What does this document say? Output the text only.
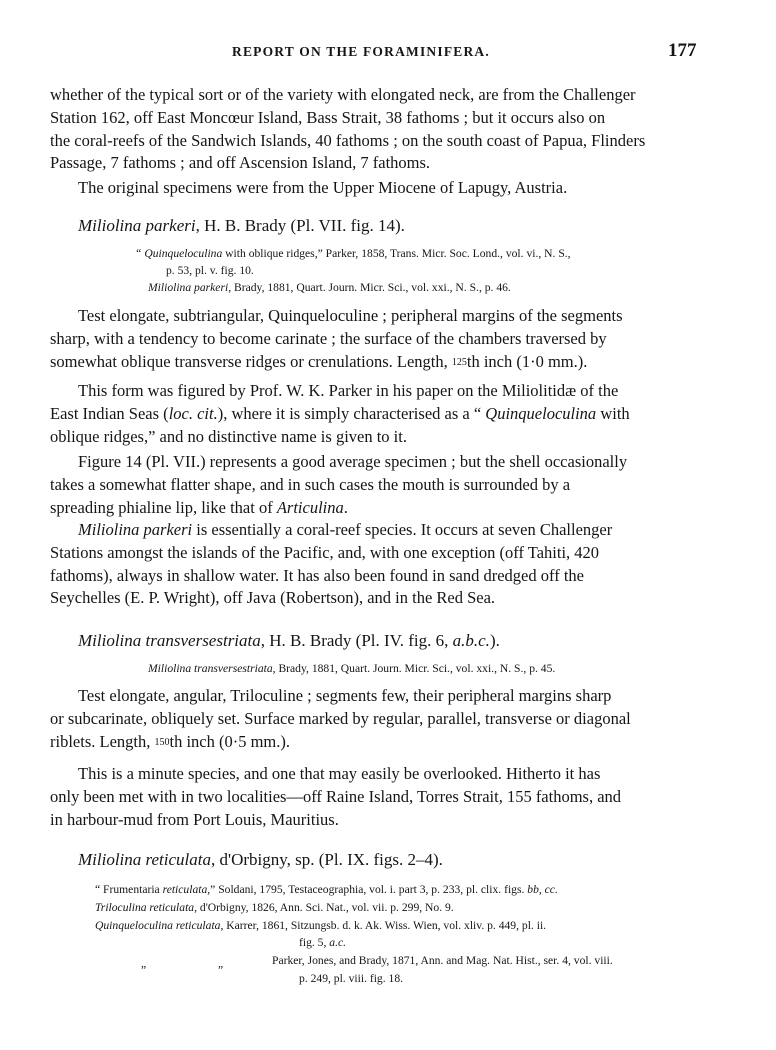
REPORT ON THE FORAMINIFERA.	177
whether of the typical sort or of the variety with elongated neck, are from the Challenger
Station 162, off East Moncœur Island, Bass Strait, 38 fathoms ; but it occurs also on
the coral-reefs of the Sandwich Islands, 40 fathoms ; on the south coast of Papua, Flinders
Passage, 7 fathoms ; and off Ascension Island, 7 fathoms.
The original specimens were from the Upper Miocene of Lapugy, Austria.
Miliolina parkeri, H. B. Brady (Pl. VII. fig. 14).
“ Quinqueloculina with oblique ridges,” Parker, 1858, Trans. Micr. Soc. Lond., vol. vi., N. S.,
p. 53, pl. v. fig. 10.
Miliolina parkeri, Brady, 1881, Quart. Journ. Micr. Sci., vol. xxi., N. S., p. 46.
Test elongate, subtriangular, Quinqueloculine ; peripheral margins of the segments
sharp, with a tendency to become carinate ; the surface of the chambers traversed by
somewhat oblique transverse ridges or crenulations. Length, $^1_{25}$th inch (1·0 mm.).
This form was figured by Prof. W. K. Parker in his paper on the Miliolitidæ of the
East Indian Seas (loc. cit.), where it is simply characterised as a “ Quinqueloculina with
oblique ridges,” and no distinctive name is given to it.
Figure 14 (Pl. VII.) represents a good average specimen ; but the shell occasionally
takes a somewhat flatter shape, and in such cases the mouth is surrounded by a
spreading phialine lip, like that of Articulina.
Miliolina parkeri is essentially a coral-reef species. It occurs at seven Challenger
Stations amongst the islands of the Pacific, and, with one exception (off Tahiti, 420
fathoms), always in shallow water. It has also been found in sand dredged off the
Seychelles (E. P. Wright), off Java (Robertson), and in the Red Sea.
Miliolina transversestriata, H. B. Brady (Pl. IV. fig. 6, a.b.c.).
Miliolina transversestriata, Brady, 1881, Quart. Journ. Micr. Sci., vol. xxi., N. S., p. 45.
Test elongate, angular, Triloculine ; segments few, their peripheral margins sharp
or subcarinate, obliquely set. Surface marked by regular, parallel, transverse or diagonal
riblets. Length, $^1_{50}$th inch (0·5 mm.).
This is a minute species, and one that may easily be overlooked. Hitherto it has
only been met with in two localities—off Raine Island, Torres Strait, 155 fathoms, and
in harbour-mud from Port Louis, Mauritius.
Miliolina reticulata, d'Orbigny, sp. (Pl. IX. figs. 2–4).
“ Frumentaria reticulata,” Soldani, 1795, Testaceographia, vol. i. part 3, p. 233, pl. clix. figs. bb, cc.
Triloculina reticulata, d'Orbigny, 1826, Ann. Sci. Nat., vol. vii. p. 299, No. 9.
Quinqueloculina reticulata, Karrer, 1861, Sitzungsb. d. k. Ak. Wiss. Wien, vol. xliv. p. 449, pl. ii.
fig. 5, a.c.
„	„	Parker, Jones, and Brady, 1871, Ann. and Mag. Nat. Hist., ser. 4, vol. viii.
p. 249, pl. viii. fig. 18.
